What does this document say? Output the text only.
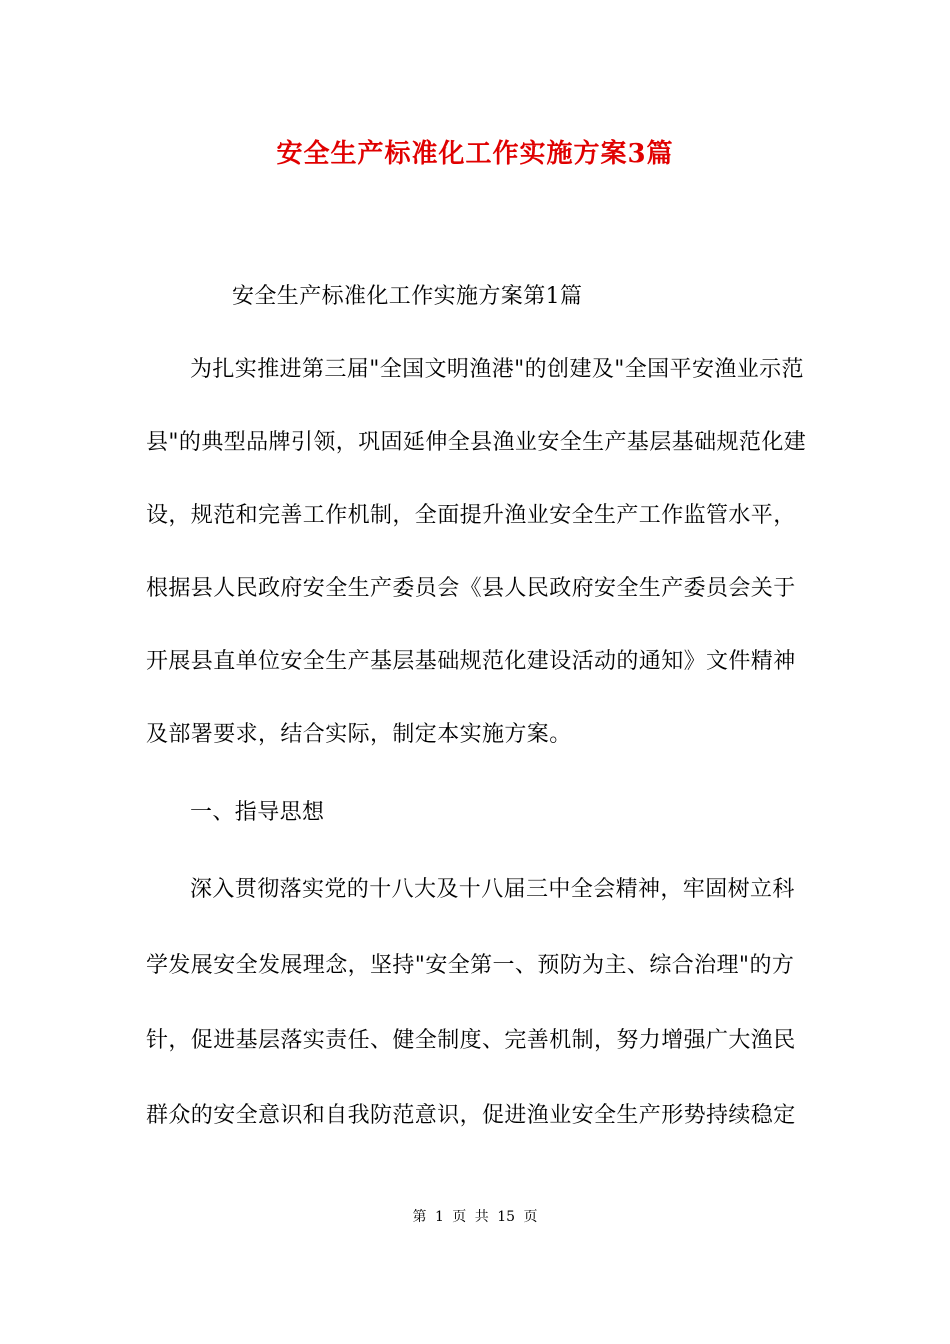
安全生产标准化工作实施方案3篇
安全生产标准化工作实施方案第1篇
为扎实推进第三届"全国文明渔港"的创建及"全国平安渔业示范
县"的典型品牌引领，巩固延伸全县渔业安全生产基层基础规范化建
设，规范和完善工作机制，全面提升渔业安全生产工作监管水平，
根据县人民政府安全生产委员会《县人民政府安全生产委员会关于
开展县直单位安全生产基层基础规范化建设活动的通知》文件精神
及部署要求，结合实际，制定本实施方案。
一、指导思想
深入贯彻落实党的十八大及十八届三中全会精神，牢固树立科
学发展安全发展理念，坚持"安全第一、预防为主、综合治理"的方
针，促进基层落实责任、健全制度、完善机制，努力增强广大渔民
群众的安全意识和自我防范意识，促进渔业安全生产形势持续稳定
第 1 页 共 15 页
